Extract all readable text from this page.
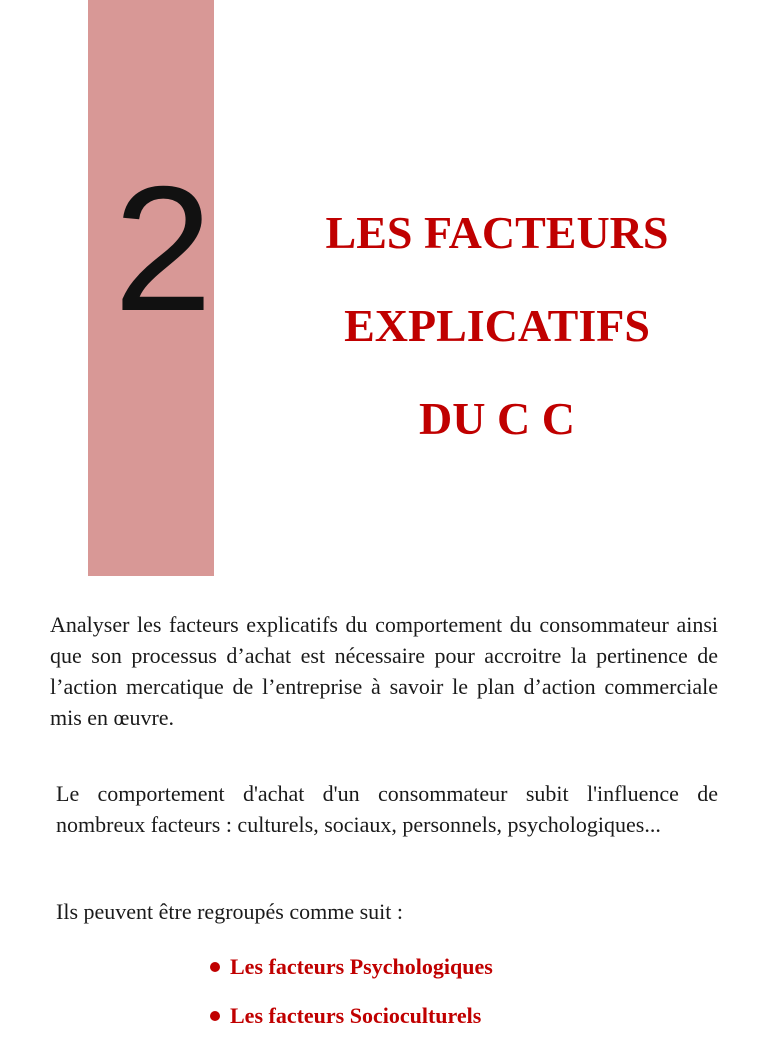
2	LES FACTEURS
EXPLICATIFS
DU C C

Analyser les facteurs explicatifs du comportement du consommateur ainsi que son processus d’achat est nécessaire pour accroitre la pertinence de l’action mercatique de l’entreprise à savoir le plan d’action commerciale mis en œuvre.

Le comportement d'achat d'un consommateur subit l'influence de nombreux facteurs : culturels, sociaux, personnels, psychologiques...

Ils peuvent être regroupés comme suit :

Les facteurs Psychologiques
Les facteurs Socioculturels
